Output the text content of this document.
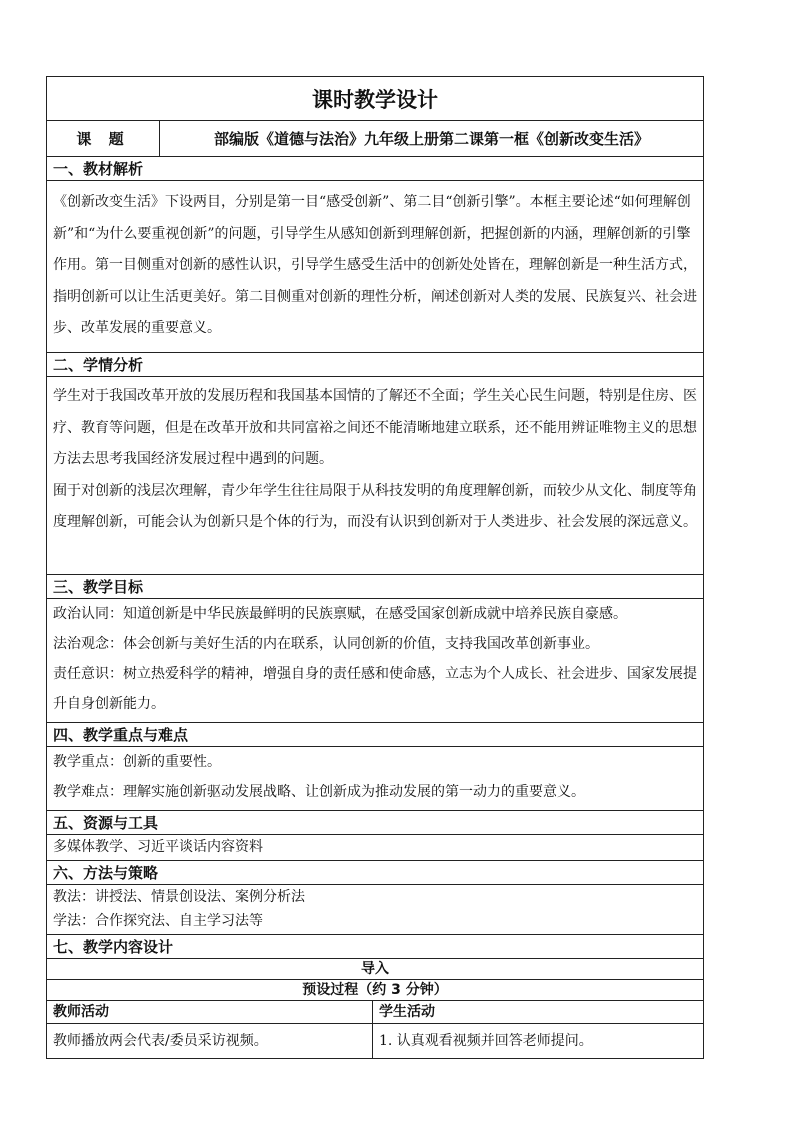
课时教学设计
课 题	部编版《道德与法治》九年级上册第二课第一框《创新改变生活》
一、教材解析

《创新改变生活》下设两目，分别是第一目“感受创新”、第二目“创新引擎”。本框主要论述“如何理解创新”和“为什么要重视创新”的问题，引导学生从感知创新到理解创新，把握创新的内涵，理解创新的引擎作用。第一目侧重对创新的感性认识，引导学生感受生活中的创新处处皆在，理解创新是一种生活方式，指明创新可以让生活更美好。第二目侧重对创新的理性分析，阐述创新对人类的发展、民族复兴、社会进步、改革发展的重要意义。

二、学情分析

学生对于我国改革开放的发展历程和我国基本国情的了解还不全面；学生关心民生问题，特别是住房、医疗、教育等问题，但是在改革开放和共同富裕之间还不能清晰地建立联系，还不能用辨证唯物主义的思想方法去思考我国经济发展过程中遇到的问题。

囿于对创新的浅层次理解，青少年学生往往局限于从科技发明的角度理解创新，而较少从文化、制度等角度理解创新，可能会认为创新只是个体的行为，而没有认识到创新对于人类进步、社会发展的深远意义。

三、教学目标

政治认同：知道创新是中华民族最鲜明的民族禀赋，在感受国家创新成就中培养民族自豪感。

法治观念：体会创新与美好生活的内在联系，认同创新的价值，支持我国改革创新事业。

责任意识：树立热爱科学的精神，增强自身的责任感和使命感，立志为个人成长、社会进步、国家发展提升自身创新能力。

四、教学重点与难点

教学重点：创新的重要性。

教学难点：理解实施创新驱动发展战略、让创新成为推动发展的第一动力的重要意义。

五、资源与工具

多媒体教学、习近平谈话内容资料

六、方法与策略

教法：讲授法、情景创设法、案例分析法

学法：合作探究法、自主学习法等

七、教学内容设计
导入
预设过程（约 3 分钟）
教师活动	学生活动
教师播放两会代表/委员采访视频。	1. 认真观看视频并回答老师提问。
